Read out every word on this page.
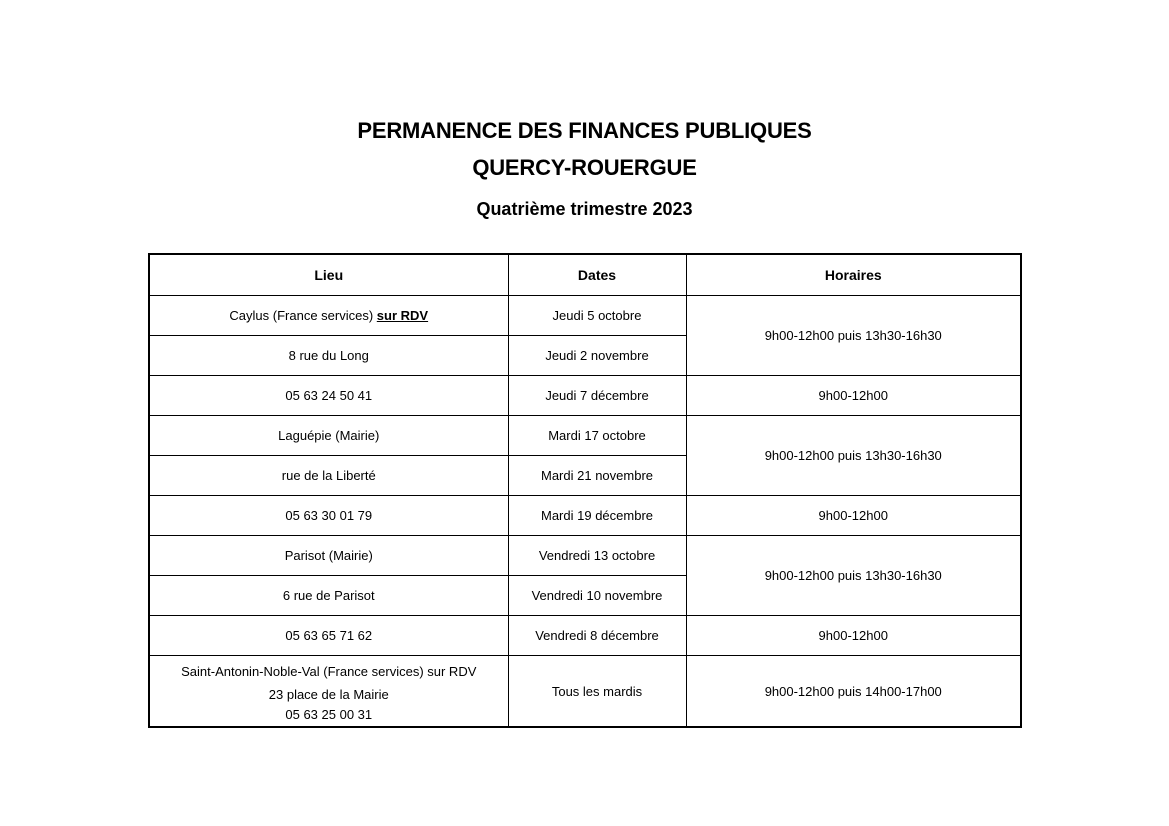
PERMANENCE DES FINANCES PUBLIQUES
QUERCY-ROUERGUE
Quatrième trimestre 2023
Lieu	Dates	Horaires
Caylus (France services) sur RDV	Jeudi 5 octobre	9h00-12h00 puis 13h30-16h30
8 rue du Long	Jeudi 2 novembre	
05 63 24 50 41	Jeudi 7 décembre	9h00-12h00
Laguépie (Mairie)	Mardi 17 octobre	9h00-12h00 puis 13h30-16h30
rue de la Liberté	Mardi 21 novembre	
05 63 30 01 79	Mardi 19 décembre	9h00-12h00
Parisot (Mairie)	Vendredi 13 octobre	9h00-12h00 puis 13h30-16h30
6 rue de Parisot	Vendredi 10 novembre	
05 63 65 71 62	Vendredi 8 décembre	9h00-12h00

Saint-Antonin-Noble-Val (France services) sur RDV
23 place de la Mairie
05 63 25 00 31	Tous les mardis	9h00-12h00 puis 14h00-17h00
